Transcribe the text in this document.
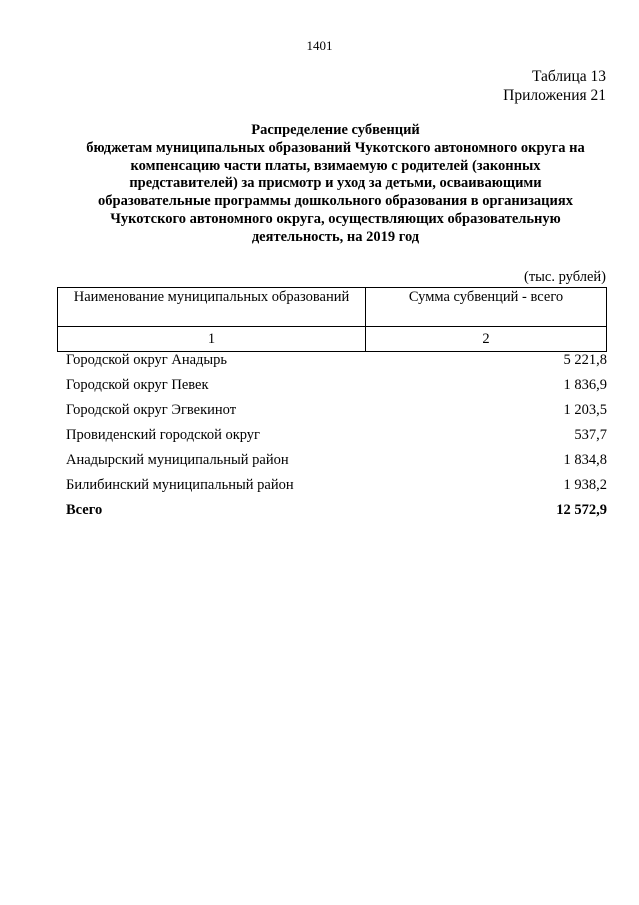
1401
Таблица 13
Приложения 21
Распределение субвенций
бюджетам муниципальных образований Чукотского автономного округа на
компенсацию части платы, взимаемую с родителей (законных
представителей) за присмотр и уход за детьми, осваивающими
образовательные программы дошкольного образования в организациях
Чукотского автономного округа, осуществляющих образовательную
деятельность, на 2019 год
(тыс. рублей)
Наименование муниципальных образований	Сумма субвенций - всего
1	2
Городской округ Анадырь	5 221,8
Городской округ Певек	1 836,9
Городской округ Эгвекинот	1 203,5
Провиденский городской округ	537,7
Анадырский муниципальный район	1 834,8
Билибинский муниципальный район	1 938,2
Всего	12 572,9
